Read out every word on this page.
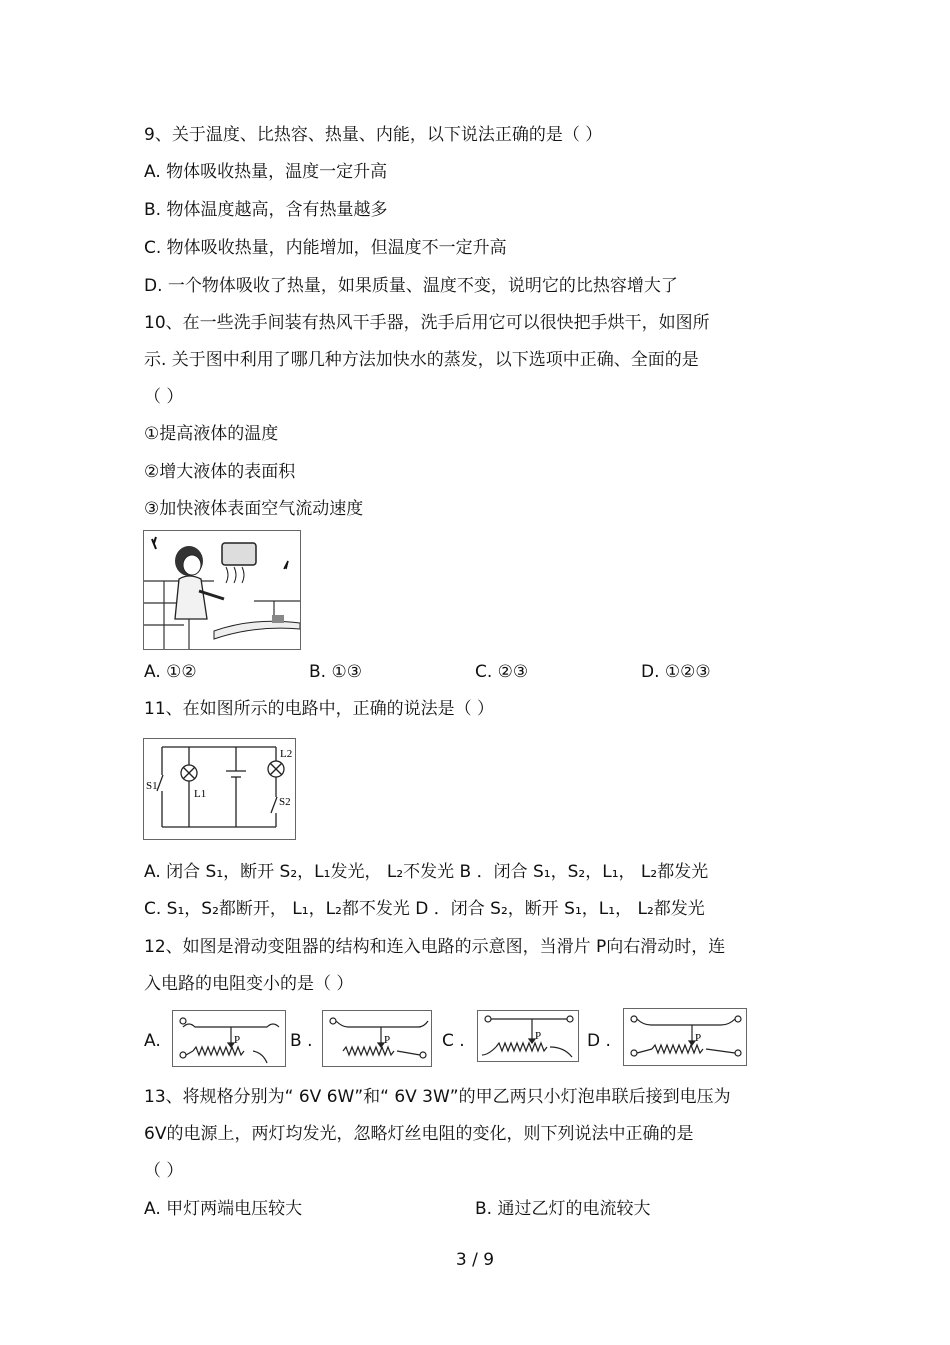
9、关于温度、比热容、热量、内能，以下说法正确的是（ ）
A. 物体吸收热量，温度一定升高
B. 物体温度越高，含有热量越多
C. 物体吸收热量，内能增加，但温度不一定升高
D. 一个物体吸收了热量，如果质量、温度不变，说明它的比热容增大了
10、在一些洗手间装有热风干手器，洗手后用它可以很快把手烘干，如图所
示. 关于图中利用了哪几种方法加快水的蒸发，以下选项中正确、全面的是
（ ）
①提高液体的温度
②增大液体的表面积
③加快液体表面空气流动速度
A. ①②	B. ①③	C. ②③	D. ①②③
11、在如图所示的电路中，正确的说法是（ ）
S1
L1
L2
S2
A. 闭合 S₁，断开 S₂，L₁发光， L₂不发光 B ．闭合 S₁，S₂，L₁， L₂都发光
C. S₁，S₂都断开， L₁，L₂都不发光 D ．闭合 S₂，断开 S₁，L₁， L₂都发光
12、如图是滑动变阻器的结构和连入电路的示意图，当滑片 P向右滑动时，连
入电路的电阻变小的是（ ）
A.	P	B .	P	C .	P	D .	P
13、将规格分别为“ 6V 6W”和“ 6V 3W”的甲乙两只小灯泡串联后接到电压为
6V的电源上，两灯均发光，忽略灯丝电阻的变化，则下列说法中正确的是
（ ）
A. 甲灯两端电压较大	B. 通过乙灯的电流较大
3 / 9
